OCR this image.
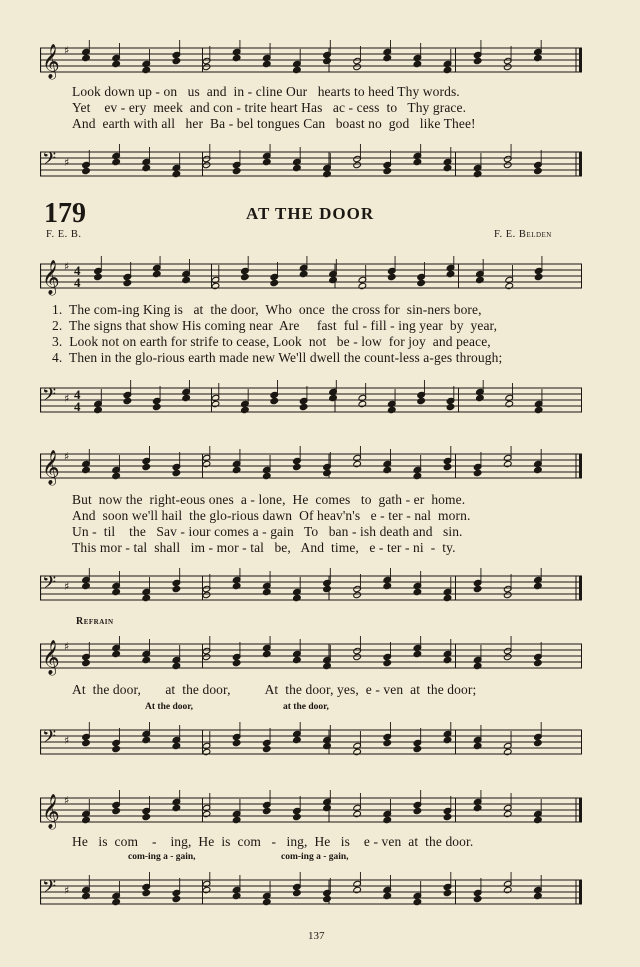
𝄞 ♯
Look down up - on   us  and  in - cline Our   hearts to heed Thy words.
Yet    ev - ery  meek  and con - trite heart Has   ac - cess  to   Thy grace.
And  earth with all   her  Ba - bel tongues Can   boast no  god   like Thee!
𝄢 ♯
179	AT THE DOOR
F. E. B.	F. E. Belden
𝄞 ♯ 4
4
1.  The com-ing King is   at  the door,  Who  once  the cross for  sin-ners bore,
2.  The signs that show His coming near  Are     fast  ful - fill - ing year  by  year,
3.  Look not on earth for strife to cease, Look  not   be - low  for joy  and peace,
4.  Then in the glo-rious earth made new We'll dwell the count-less a-ges through;
𝄢 ♯ 4
4
𝄞 ♯
But  now the  right-eous ones  a - lone,  He  comes   to  gath - er  home.
And  soon we'll hail  the glo-rious dawn  Of heav'n's   e - ter - nal  morn.
Un -  til    the   Sav - iour comes a - gain   To   ban - ish death and   sin.
This mor - tal  shall   im - mor - tal   be,   And  time,   e - ter - ni  -  ty.
𝄢 ♯
Refrain
𝄞 ♯
At  the door,       at  the door,          At  the door, yes,  e - ven  at  the door;
At the door,	at the door,
𝄢 ♯
𝄞 ♯
He   is  com    -    ing,  He  is  com   -   ing,  He   is    e - ven  at  the door.
com-ing a - gain,	com-ing a - gain,
𝄢 ♯
137
